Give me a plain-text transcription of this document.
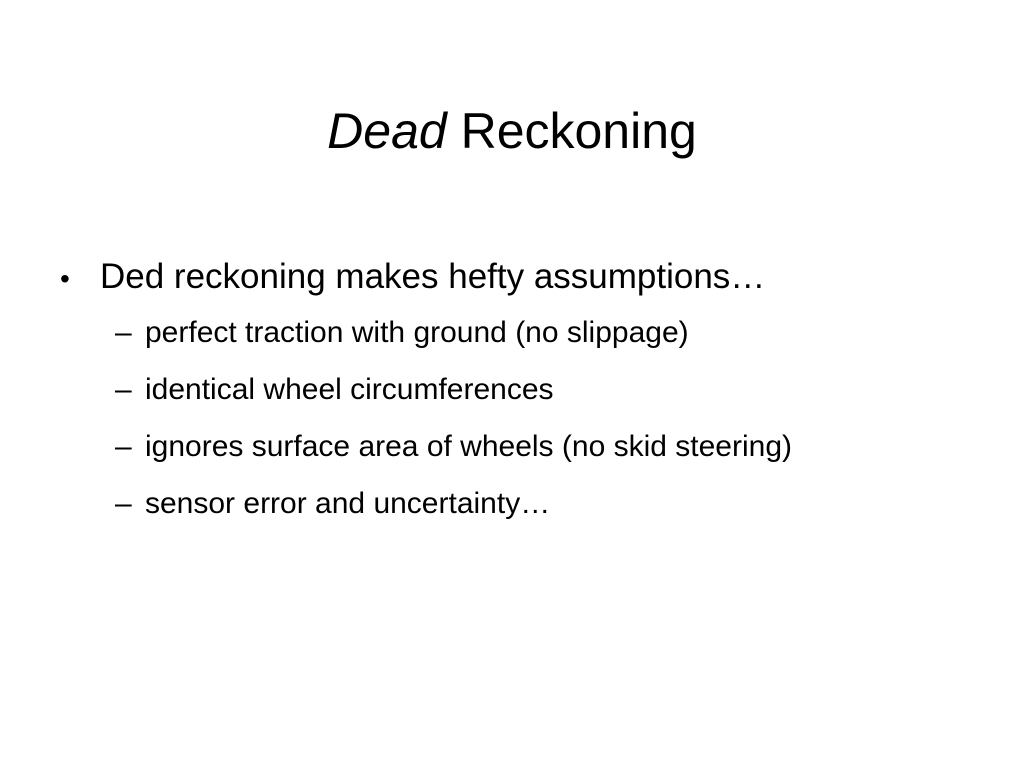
Dead Reckoning
• Ded reckoning makes hefty assumptions…
– perfect traction with ground (no slippage)
– identical wheel circumferences
– ignores surface area of wheels (no skid steering)
– sensor error and uncertainty…
